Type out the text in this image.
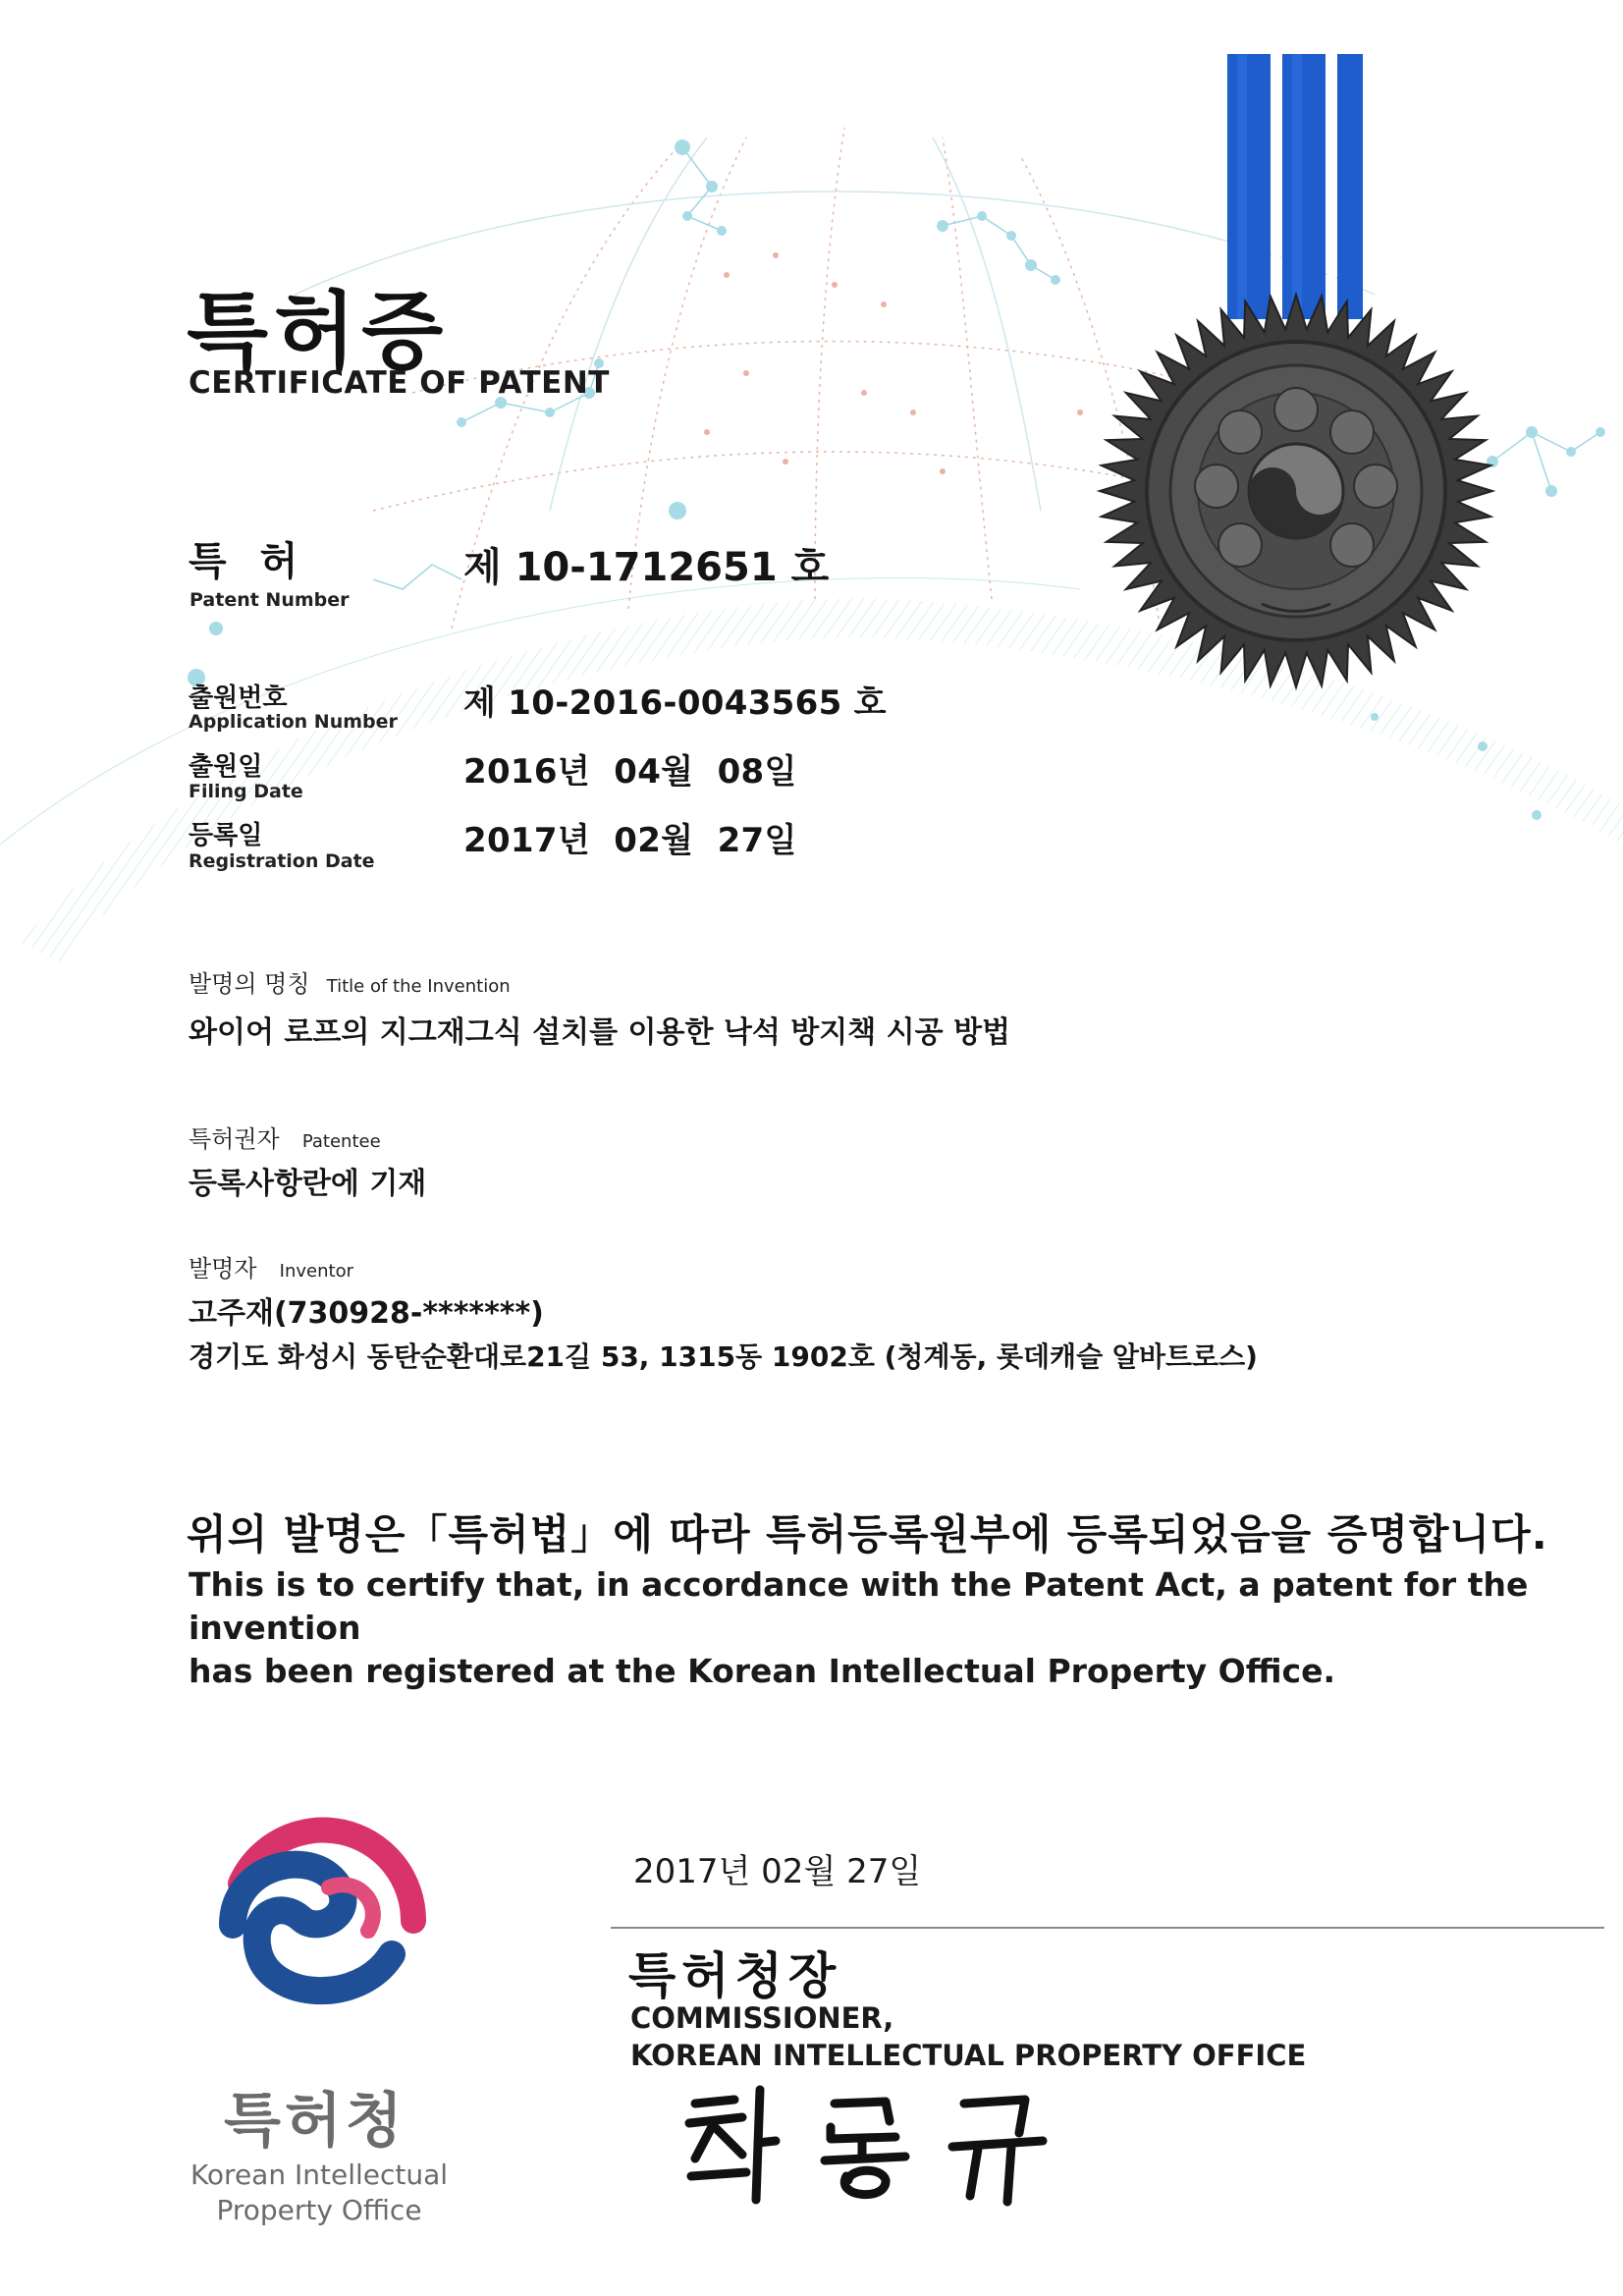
특허증
CERTIFICATE OF PATENT
특 허
Patent Number
제 10-1712651 호
출원번호
Application Number 제 10-2016-0043565 호
출원일
Filing Date	2016년  04월  08일
등록일
Registration Date
2017년  02월  27일
발명의 명칭 Title of the Invention
와이어 로프의 지그재그식 설치를 이용한 낙석 방지책 시공 방법
특허권자 Patentee
등록사항란에 기재
발명자 Inventor
고주재(730928-*******)
경기도 화성시 동탄순환대로21길 53, 1315동 1902호 (청계동, 롯데캐슬 알바트로스)
위의 발명은「특허법」에 따라 특허등록원부에 등록되었음을 증명합니다.
This is to certify that, in accordance with the Patent Act, a patent for the invention
has been registered at the Korean Intellectual Property Office.
2017년 02월 27일
특허청장
COMMISSIONER,
KOREAN INTELLECTUAL PROPERTY OFFICE
특허청
Korean Intellectual
Property Office
